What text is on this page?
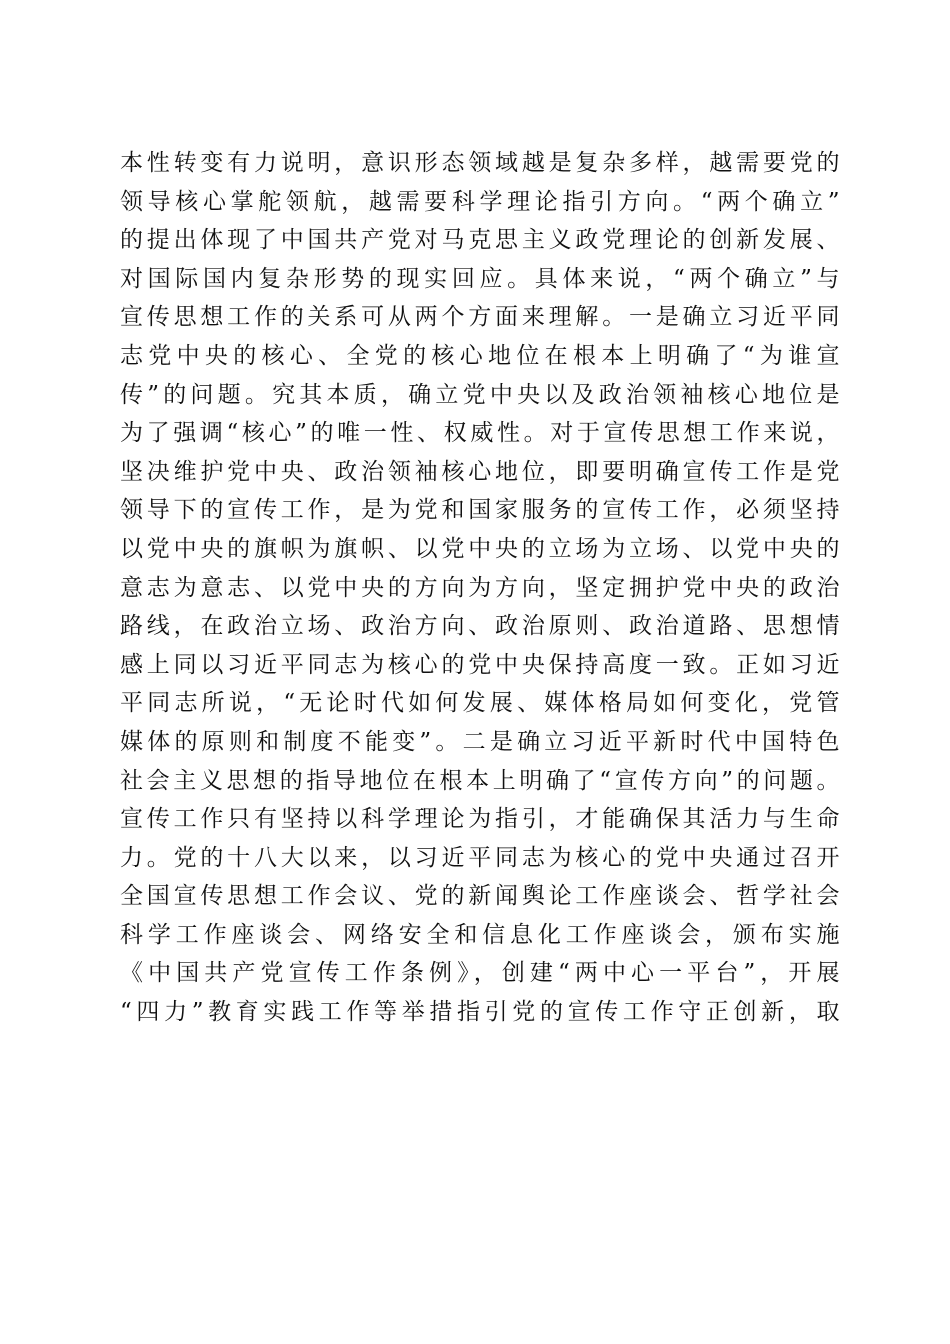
本性转变有力说明，意识形态领域越是复杂多样，越需要党的
领导核心掌舵领航，越需要科学理论指引方向。“两个确立”
的提出体现了中国共产党对马克思主义政党理论的创新发展、
对国际国内复杂形势的现实回应。具体来说，“两个确立”与
宣传思想工作的关系可从两个方面来理解。一是确立习近平同
志党中央的核心、全党的核心地位在根本上明确了“为谁宣
传”的问题。究其本质，确立党中央以及政治领袖核心地位是
为了强调“核心”的唯一性、权威性。对于宣传思想工作来说，
坚决维护党中央、政治领袖核心地位，即要明确宣传工作是党
领导下的宣传工作，是为党和国家服务的宣传工作，必须坚持
以党中央的旗帜为旗帜、以党中央的立场为立场、以党中央的
意志为意志、以党中央的方向为方向，坚定拥护党中央的政治
路线，在政治立场、政治方向、政治原则、政治道路、思想情
感上同以习近平同志为核心的党中央保持高度一致。正如习近
平同志所说，“无论时代如何发展、媒体格局如何变化，党管
媒体的原则和制度不能变”。二是确立习近平新时代中国特色
社会主义思想的指导地位在根本上明确了“宣传方向”的问题。
宣传工作只有坚持以科学理论为指引，才能确保其活力与生命
力。党的十八大以来，以习近平同志为核心的党中央通过召开
全国宣传思想工作会议、党的新闻舆论工作座谈会、哲学社会
科学工作座谈会、网络安全和信息化工作座谈会，颁布实施
《中国共产党宣传工作条例》，创建“两中心一平台”，开展
“四力”教育实践工作等举措指引党的宣传工作守正创新，取
